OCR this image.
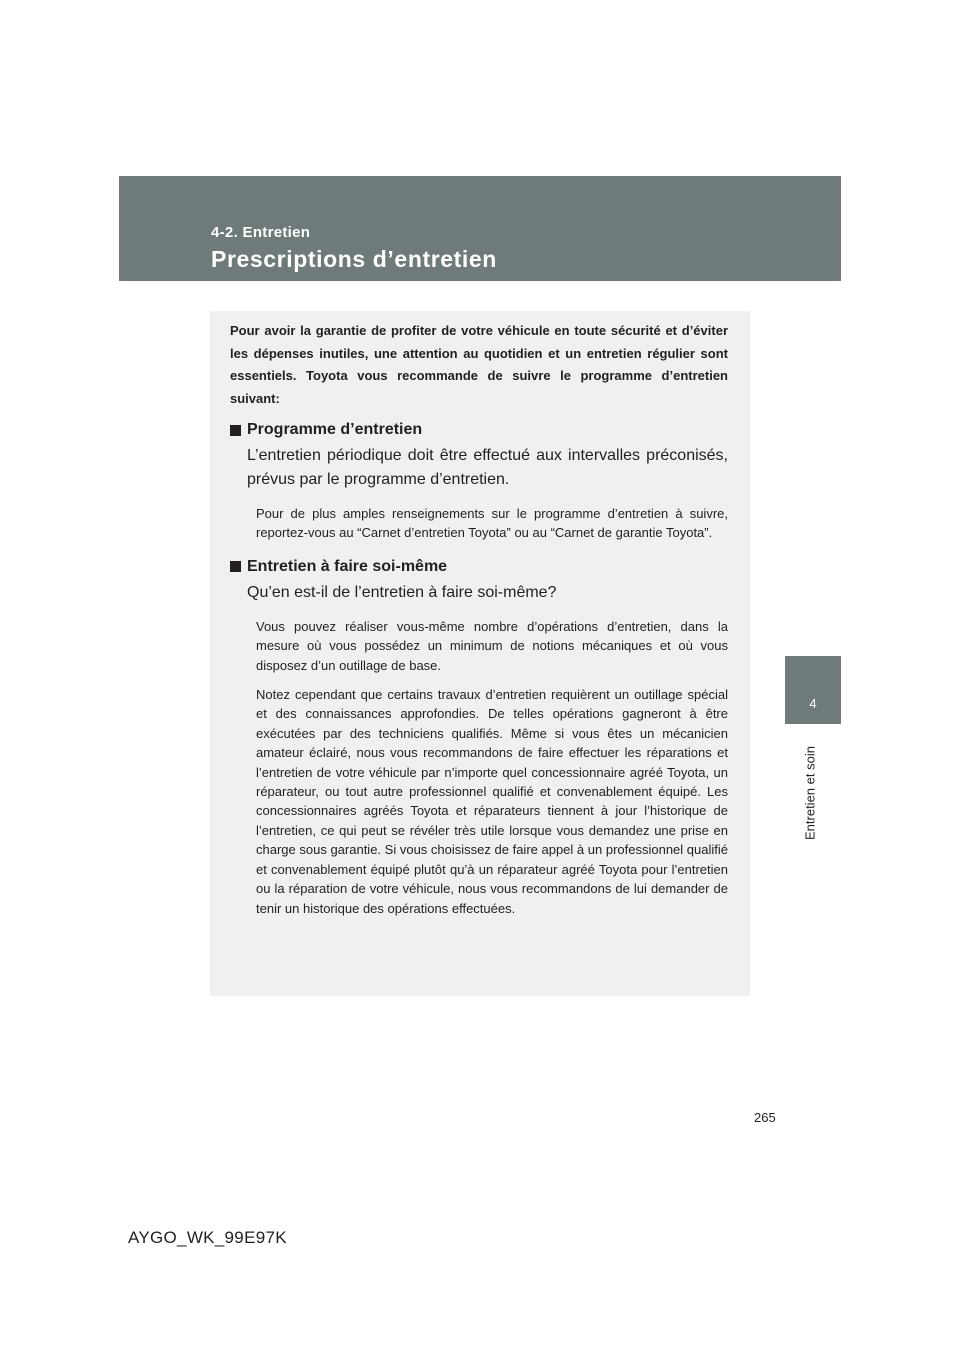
4-2. Entretien
Prescriptions d’entretien
4
Entretien et soin

Pour avoir la garantie de profiter de votre véhicule en toute sécurité et d’éviter les dépenses inutiles, une attention au quotidien et un entretien régulier sont essentiels. Toyota vous recommande de suivre le programme d’entretien suivant:

Programme d’entretien

L’entretien périodique doit être effectué aux intervalles préconisés, prévus par le programme d’entretien.

Pour de plus amples renseignements sur le programme d’entretien à suivre, reportez-vous au “Carnet d’entretien Toyota” ou au “Carnet de garantie Toyota”.

Entretien à faire soi-même

Qu’en est-il de l’entretien à faire soi-même?

Vous pouvez réaliser vous-même nombre d’opérations d’entretien, dans la mesure où vous possédez un minimum de notions mécaniques et où vous disposez d’un outillage de base.

Notez cependant que certains travaux d’entretien requièrent un outillage spécial et des connaissances approfondies. De telles opérations gagneront à être exécutées par des techniciens qualifiés. Même si vous êtes un mécanicien amateur éclairé, nous vous recommandons de faire effectuer les réparations et l’entretien de votre véhicule par n’importe quel concessionnaire agréé Toyota, un réparateur, ou tout autre professionnel qualifié et convenablement équipé. Les concessionnaires agréés Toyota et réparateurs tiennent à jour l’historique de l’entretien, ce qui peut se révéler très utile lorsque vous demandez une prise en charge sous garantie. Si vous choisissez de faire appel à un professionnel qualifié et convenablement équipé plutôt qu’à un réparateur agréé Toyota pour l’entretien ou la réparation de votre véhicule, nous vous recommandons de lui demander de tenir un historique des opérations effectuées.

265
AYGO_WK_99E97K
